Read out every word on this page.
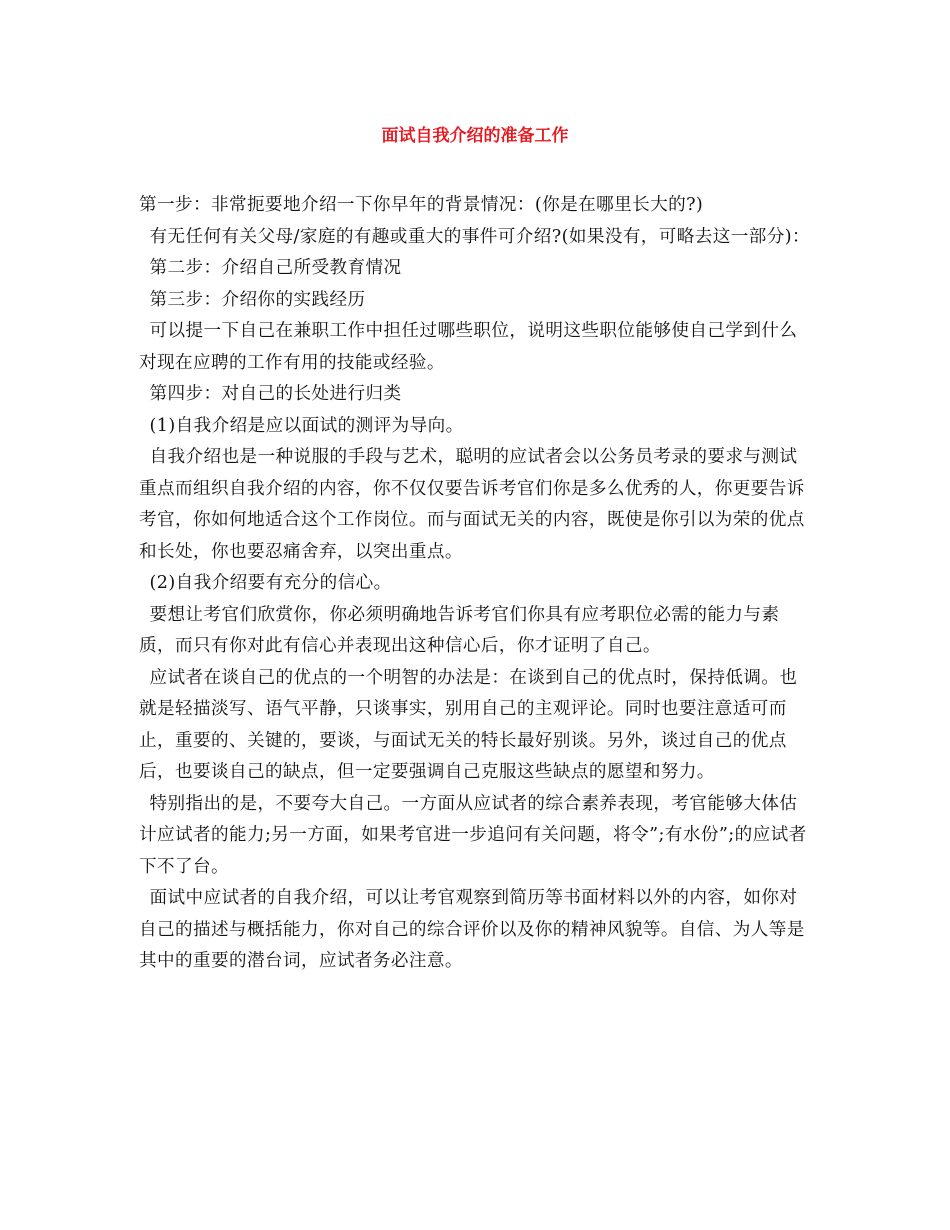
面试自我介绍的准备工作

第一步：非常扼要地介绍一下你早年的背景情况：(你是在哪里长大的?)

有无任何有关父母/家庭的有趣或重大的事件可介绍?(如果没有，可略去这一部分)：

第二步：介绍自己所受教育情况

第三步：介绍你的实践经历

可以提一下自己在兼职工作中担任过哪些职位，说明这些职位能够使自己学到什么对现在应聘的工作有用的技能或经验。

第四步：对自己的长处进行归类

(1)自我介绍是应以面试的测评为导向。

自我介绍也是一种说服的手段与艺术，聪明的应试者会以公务员考录的要求与测试重点而组织自我介绍的内容，你不仅仅要告诉考官们你是多么优秀的人，你更要告诉考官，你如何地适合这个工作岗位。而与面试无关的内容，既使是你引以为荣的优点和长处，你也要忍痛舍弃，以突出重点。

(2)自我介绍要有充分的信心。

要想让考官们欣赏你，你必须明确地告诉考官们你具有应考职位必需的能力与素质，而只有你对此有信心并表现出这种信心后，你才证明了自己。

应试者在谈自己的优点的一个明智的办法是：在谈到自己的优点时，保持低调。也就是轻描淡写、语气平静，只谈事实，别用自己的主观评论。同时也要注意适可而止，重要的、关键的，要谈，与面试无关的特长最好别谈。另外，谈过自己的优点后，也要谈自己的缺点，但一定要强调自己克服这些缺点的愿望和努力。

特别指出的是，不要夸大自己。一方面从应试者的综合素养表现，考官能够大体估计应试者的能力;另一方面，如果考官进一步追问有关问题，将令”;有水份”;的应试者下不了台。

面试中应试者的自我介绍，可以让考官观察到简历等书面材料以外的内容，如你对自己的描述与概括能力，你对自己的综合评价以及你的精神风貌等。自信、为人等是其中的重要的潜台词，应试者务必注意。
